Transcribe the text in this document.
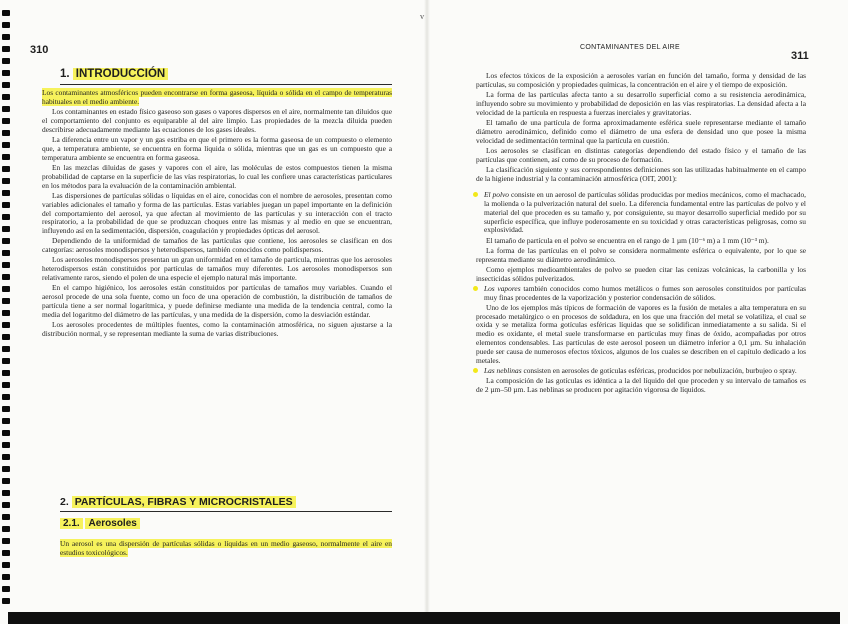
ᵛ
310
1. INTRODUCCIÓN

Los contaminantes atmosféricos pueden encontrarse en forma gaseosa, líquida o sólida en el campo de temperaturas habituales en el medio ambiente.

Los contaminantes en estado físico gaseoso son gases o vapores dispersos en el aire, normalmente tan diluidos que el comportamiento del conjunto es equiparable al del aire limpio. Las propiedades de la mezcla diluida pueden describirse adecuadamente mediante las ecuaciones de los gases ideales.

La diferencia entre un vapor y un gas estriba en que el primero es la forma gaseosa de un compuesto o elemento que, a temperatura ambiente, se encuentra en forma líquida o sólida, mientras que un gas es un compuesto que a temperatura ambiente se encuentra en forma gaseosa.

En las mezclas diluidas de gases y vapores con el aire, las moléculas de estos compuestos tienen la misma probabilidad de captarse en la superficie de las vías respiratorias, lo cual les confiere unas características particulares en los métodos para la evaluación de la contaminación ambiental.

Las dispersiones de partículas sólidas o líquidas en el aire, conocidas con el nombre de aerosoles, presentan como variables adicionales el tamaño y forma de las partículas. Estas variables juegan un papel importante en la definición del comportamiento del aerosol, ya que afectan al movimiento de las partículas y su interacción con el tracto respiratorio, a la probabilidad de que se produzcan choques entre las mismas y al medio en que se encuentran, influyendo así en la sedimentación, dispersión, coagulación y propiedades ópticas del aerosol.

Dependiendo de la uniformidad de tamaños de las partículas que contiene, los aerosoles se clasifican en dos categorías: aerosoles monodispersos y heterodispersos, también conocidos como polidispersos.

Los aerosoles monodispersos presentan un gran uniformidad en el tamaño de partícula, mientras que los aerosoles heterodispersos están constituidos por partículas de tamaños muy diferentes. Los aerosoles monodispersos son relativamente raros, siendo el polen de una especie el ejemplo natural más importante.

En el campo higiénico, los aerosoles están constituidos por partículas de tamaños muy variables. Cuando el aerosol procede de una sola fuente, como un foco de una operación de combustión, la distribución de tamaños de partícula tiene a ser normal logarítmica, y puede definirse mediante una medida de la tendencia central, como la media del logaritmo del diámetro de las partículas, y una medida de la dispersión, como la desviación estándar.

Los aerosoles procedentes de múltiples fuentes, como la contaminación atmosférica, no siguen ajustarse a la distribución normal, y se representan mediante la suma de varias distribuciones.

2. PARTÍCULAS, FIBRAS Y MICROCRISTALES
2.1. Aerosoles

Un aerosol es una dispersión de partículas sólidas o líquidas en un medio gaseoso, normalmente el aire en estudios toxicológicos.

CONTAMINANTES DEL AIRE
311

Los efectos tóxicos de la exposición a aerosoles varían en función del tamaño, forma y densidad de las partículas, su composición y propiedades químicas, la concentración en el aire y el tiempo de exposición.

La forma de las partículas afecta tanto a su desarrollo superficial como a su resistencia aerodinámica, influyendo sobre su movimiento y probabilidad de deposición en las vías respiratorias. La densidad afecta a la velocidad de la partícula en respuesta a fuerzas inerciales y gravitatorias.

El tamaño de una partícula de forma aproximadamente esférica suele representarse mediante el tamaño diámetro aerodinámico, definido como el diámetro de una esfera de densidad uno que posee la misma velocidad de sedimentación terminal que la partícula en cuestión.

Los aerosoles se clasifican en distintas categorías dependiendo del estado físico y el tamaño de las partículas que contienen, así como de su proceso de formación.

La clasificación siguiente y sus correspondientes definiciones son las utilizadas habitualmente en el campo de la higiene industrial y la contaminación atmosférica (OIT, 2001):

El polvo consiste en un aerosol de partículas sólidas producidas por medios mecánicos, como el machacado, la molienda o la pulverización natural del suelo. La diferencia fundamental entre las partículas de polvo y el material del que proceden es su tamaño y, por consiguiente, su mayor desarrollo superficial medido por su superficie específica, que influye poderosamente en su toxicidad y otras características peligrosas, como su explosividad.

El tamaño de partícula en el polvo se encuentra en el rango de 1 µm (10⁻⁶ m) a 1 mm (10⁻³ m).

La forma de las partículas en el polvo se considera normalmente esférica o equivalente, por lo que se representa mediante su diámetro aerodinámico.

Como ejemplos medioambientales de polvo se pueden citar las cenizas volcánicas, la carbonilla y los insecticidas sólidos pulverizados.

Los vapores también conocidos como humos metálicos o fumes son aerosoles constituidos por partículas muy finas procedentes de la vaporización y posterior condensación de sólidos.

Uno de los ejemplos más típicos de formación de vapores es la fusión de metales a alta temperatura en su procesado metalúrgico o en procesos de soldadura, en los que una fracción del metal se volatiliza, el cual se oxida y se metaliza forma gotículas esféricas líquidas que se solidifican inmediatamente a su salida. Si el medio es oxidante, el metal suele transformarse en partículas muy finas de óxido, acompañadas por otros elementos condensables. Las partículas de este aerosol poseen un diámetro inferior a 0,1 µm. Su inhalación puede ser causa de numerosos efectos tóxicos, algunos de los cuales se describen en el capítulo dedicado a los metales.

Las neblinas consisten en aerosoles de gotículas esféricas, producidos por nebulización, burbujeo o spray.

La composición de las gotículas es idéntica a la del líquido del que proceden y su intervalo de tamaños es de 2 µm–50 µm. Las neblinas se producen por agitación vigorosa de líquidos.
